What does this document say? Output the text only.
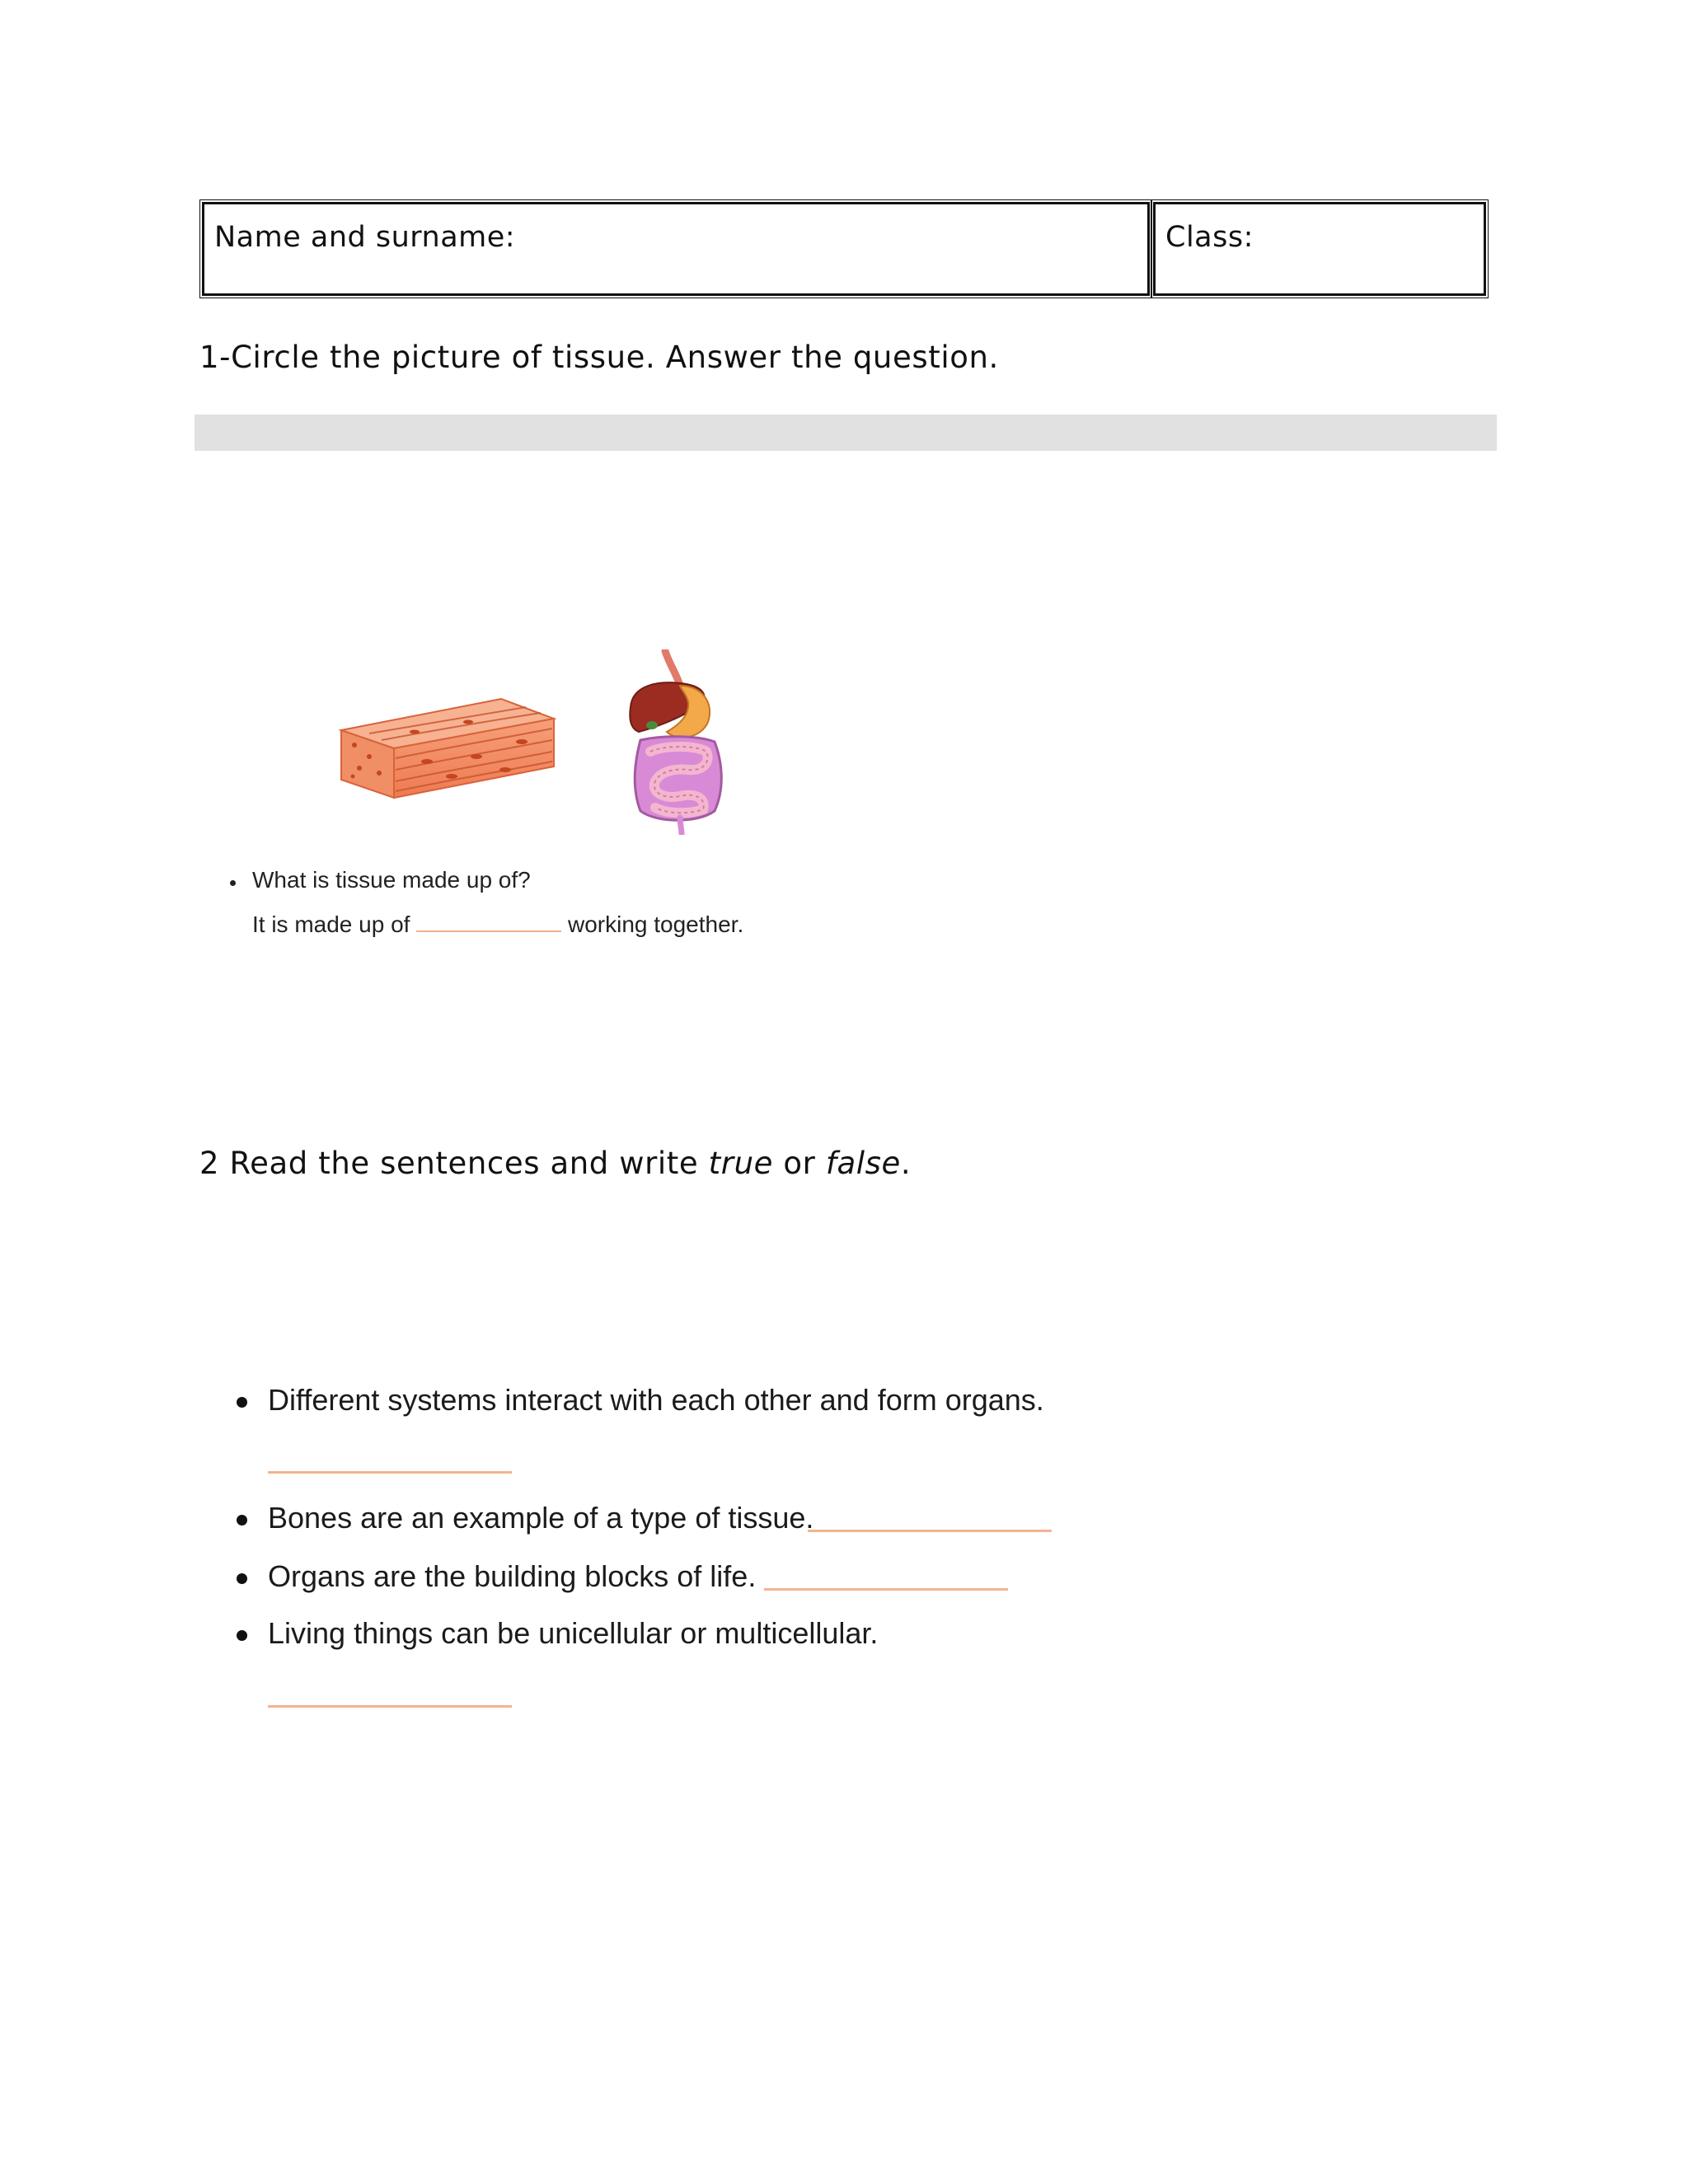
Name and surname:	Class:
1-Circle the picture of tissue. Answer the question.
What is tissue made up of?
It is made up of	working together.
2 Read the sentences and write true or false.
Different systems interact with each other and form organs.
Bones are an example of a type of tissue.
Organs are the building blocks of life.
Living things can be unicellular or multicellular.
